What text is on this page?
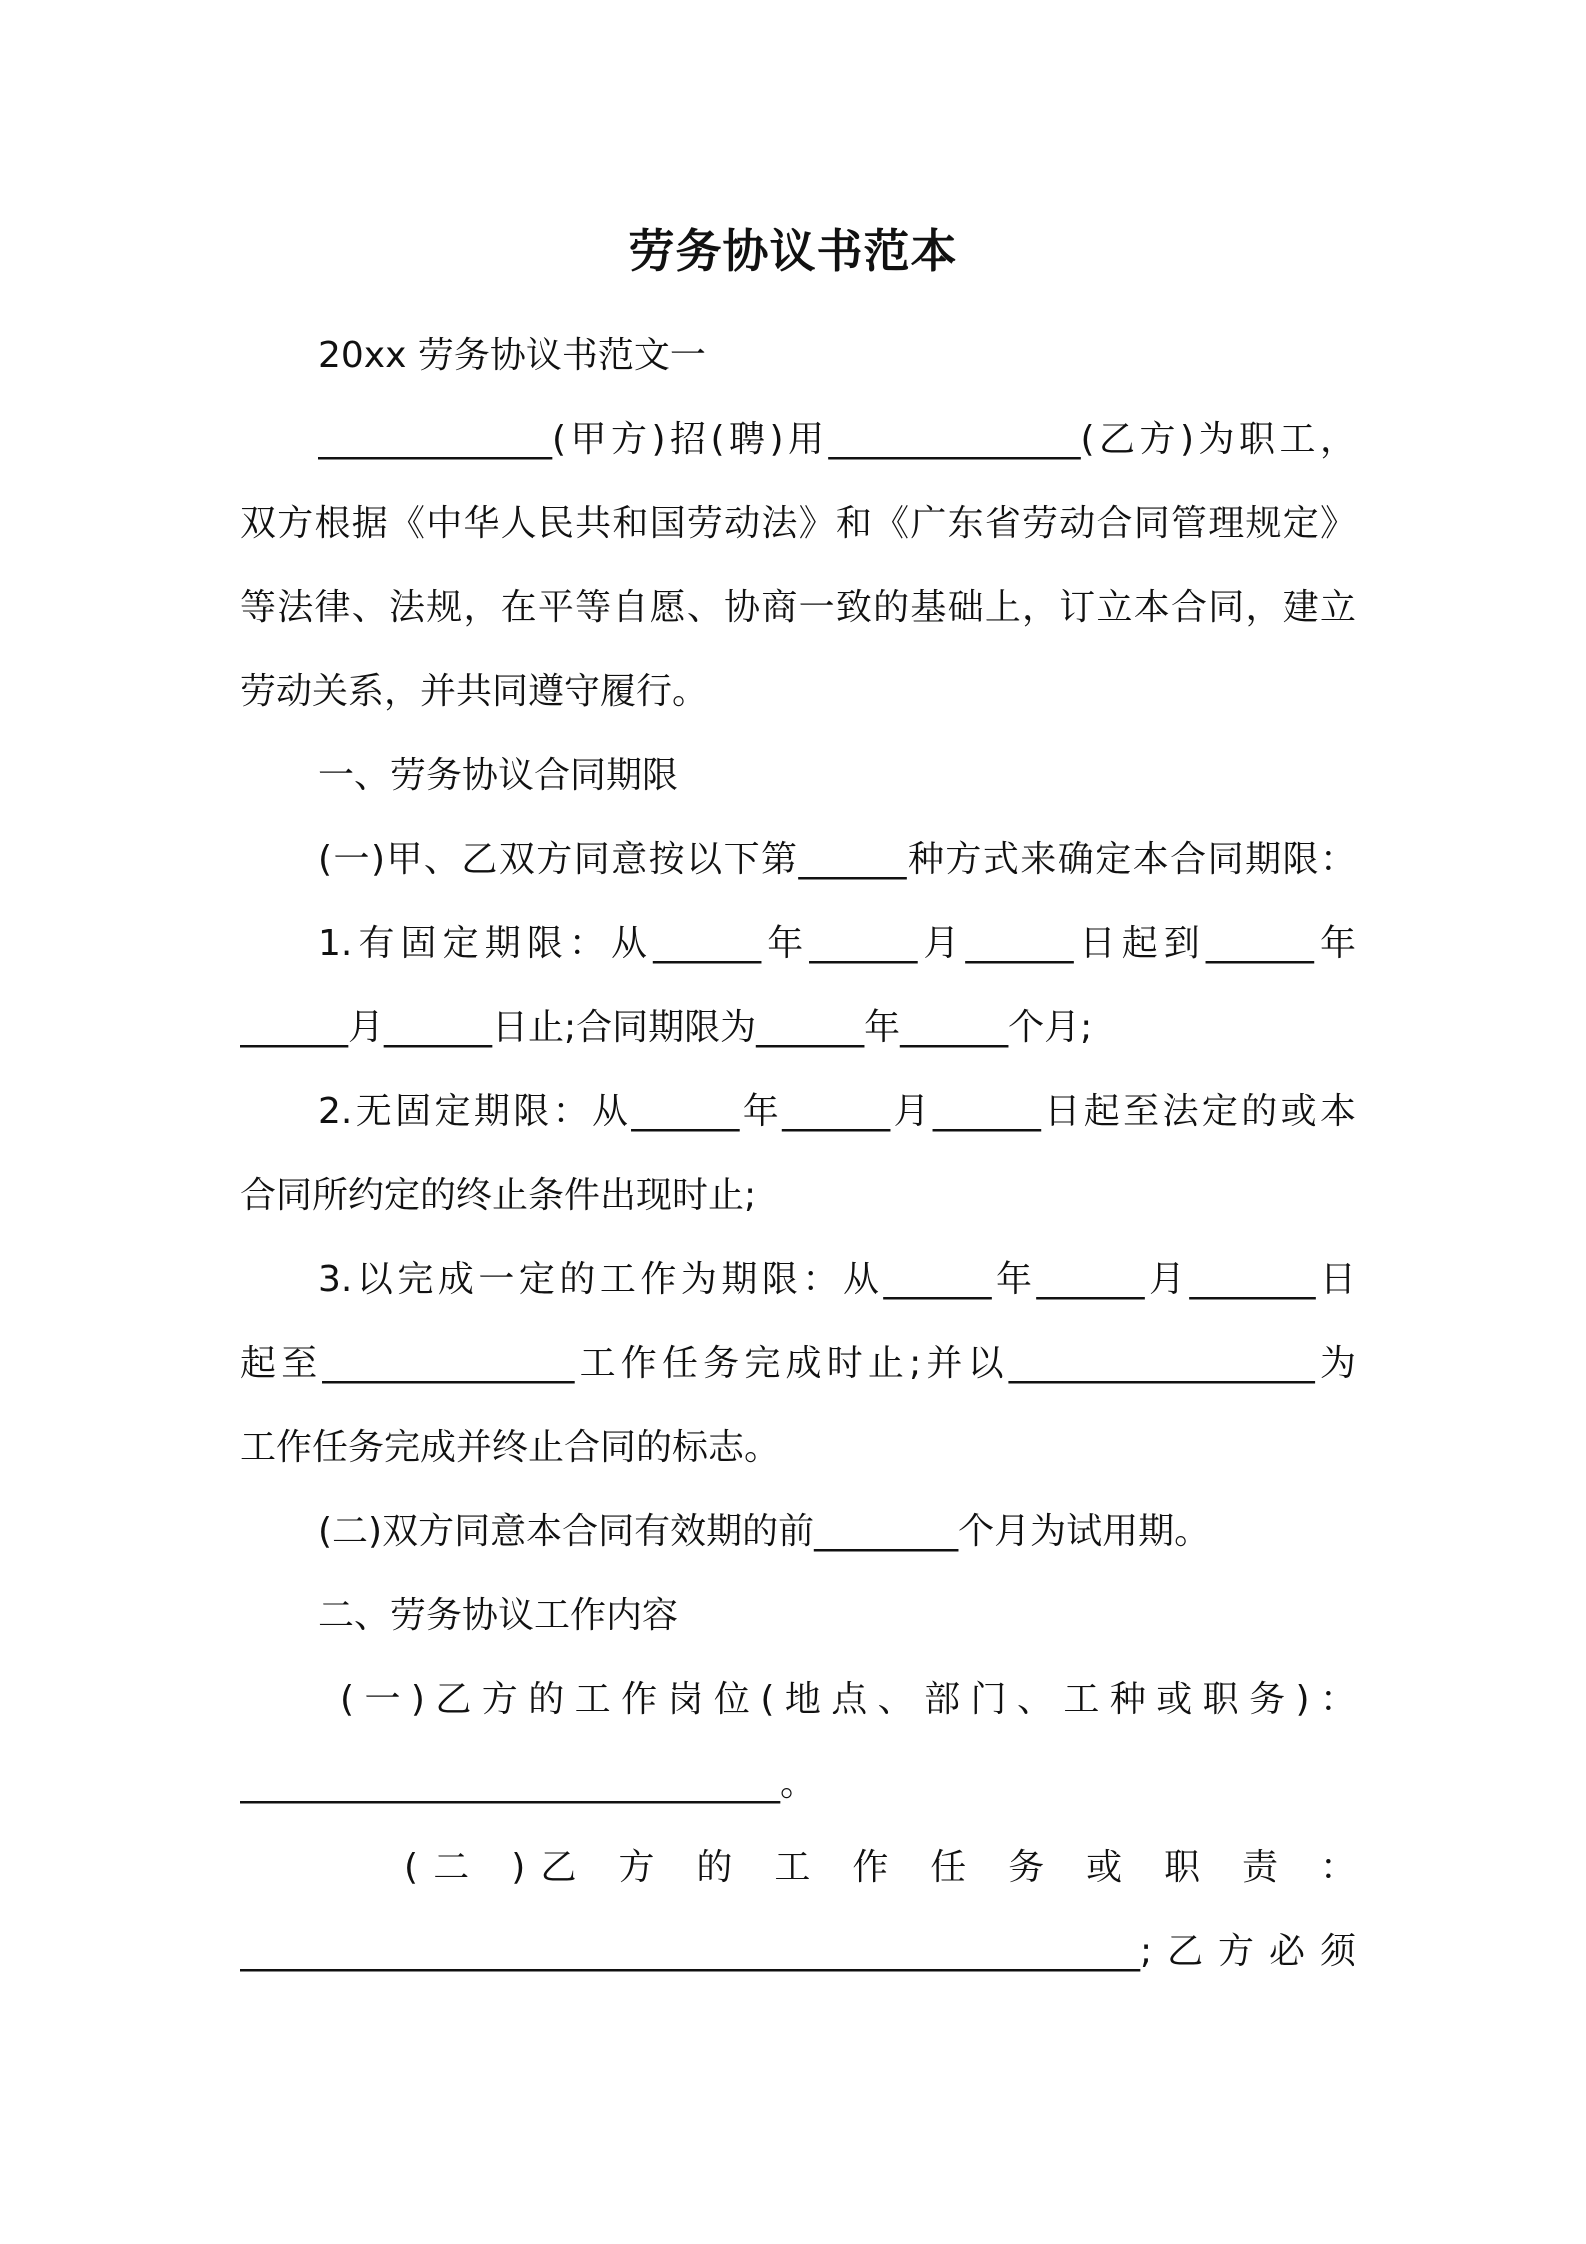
劳务协议书范本
20xx 劳务协议书范文一
_____________(甲方)招(聘)用______________(乙方)为职工，
双方根据《中华人民共和国劳动法》和《广东省劳动合同管理规定》
等法律、法规，在平等自愿、协商一致的基础上，订立本合同，建立
劳动关系，并共同遵守履行。
一、劳务协议合同期限
(一)甲、乙双方同意按以下第______种方式来确定本合同期限：
1.有固定期限：从______年______月______日起到______年
______月______日止;合同期限为______年______个月;
2.无固定期限：从______年______月______日起至法定的或本
合同所约定的终止条件出现时止;
3.以完成一定的工作为期限：从______年______月_______日
起至______________工作任务完成时止;并以_________________为
工作任务完成并终止合同的标志。
(二)双方同意本合同有效期的前________个月为试用期。
二、劳务协议工作内容
(一)乙方的工作岗位(地点、部门、工种或职务)：
______________________________。
(二 )乙 方 的 工 作 任 务 或 职 责 ：
__________________________________________________;乙方必须
